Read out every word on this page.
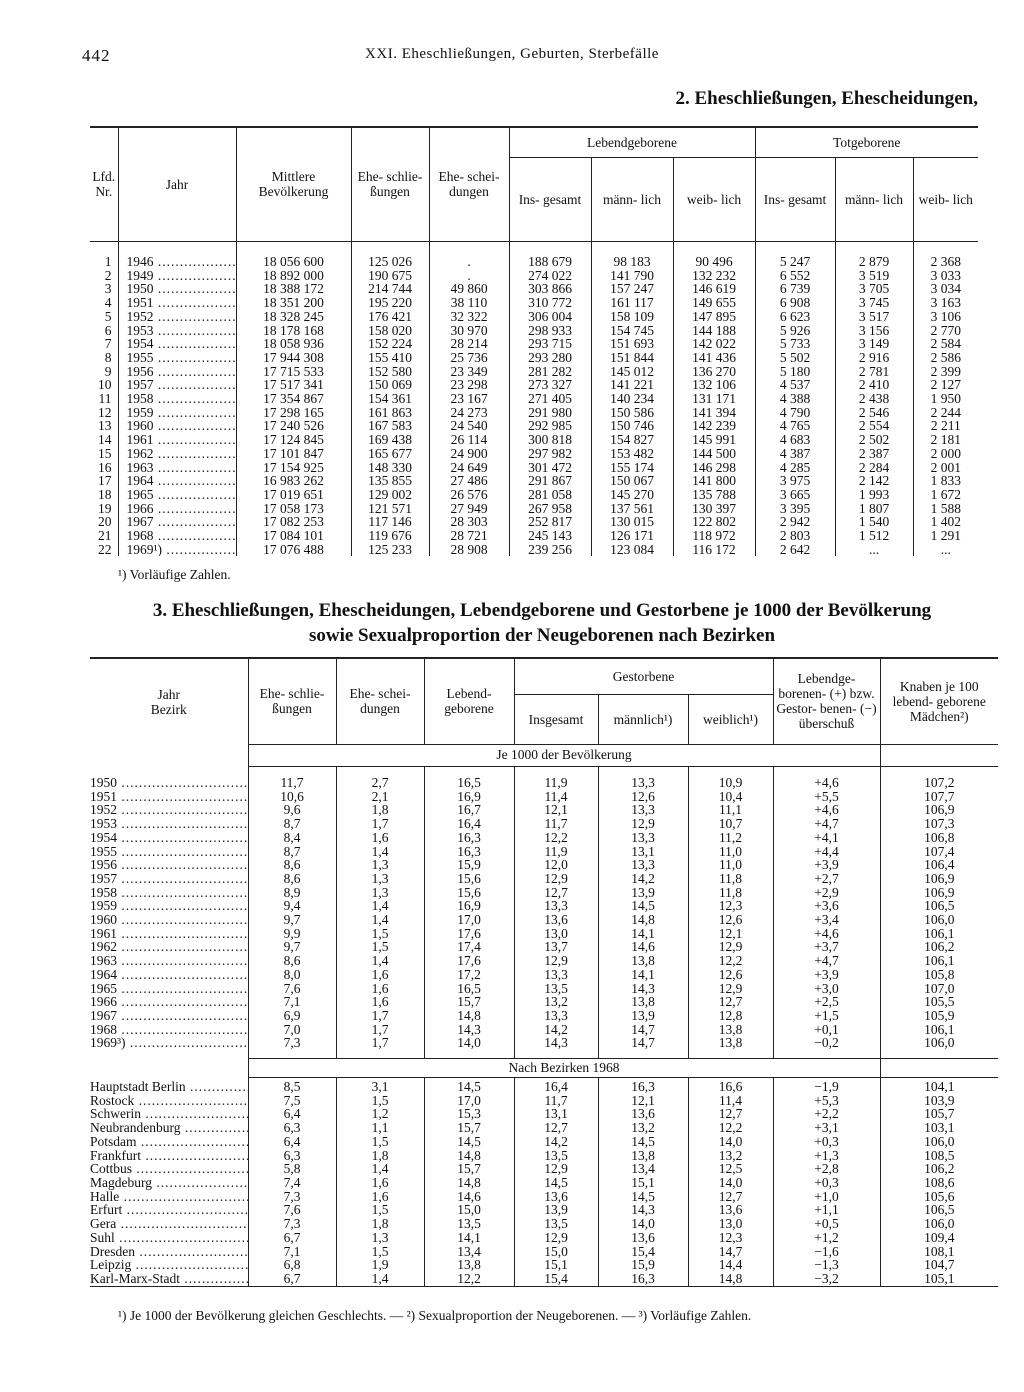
442	XXI. Eheschließungen, Geburten, Sterbefälle
2. Eheschließungen, Ehescheidungen,
Lfd. Nr.	Jahr	Mittlere Bevölkerung	Ehe- schlie- ßungen	Ehe- schei- dungen	Lebendgeborene			Totgeborene		
					Ins- gesamt	männ- lich	weib- lich	Ins- gesamt	männ- lich	weib- lich

1	1946 .....	18 056 600	125 026	.	188 679	98 183	90 496	5 247	2 879	2 368
2	1949 .....	18 892 000	190 675	.	274 022	141 790	132 232	6 552	3 519	3 033
3	1950 .....	18 388 172	214 744	49 860	303 866	157 247	146 619	6 739	3 705	3 034
4	1951 .....	18 351 200	195 220	38 110	310 772	161 117	149 655	6 908	3 745	3 163
5	1952 .....	18 328 245	176 421	32 322	306 004	158 109	147 895	6 623	3 517	3 106
6	1953 .....	18 178 168	158 020	30 970	298 933	154 745	144 188	5 926	3 156	2 770
7	1954 .....	18 058 936	152 224	28 214	293 715	151 693	142 022	5 733	3 149	2 584
8	1955 .....	17 944 308	155 410	25 736	293 280	151 844	141 436	5 502	2 916	2 586
9	1956 .....	17 715 533	152 580	23 349	281 282	145 012	136 270	5 180	2 781	2 399
10	1957 .....	17 517 341	150 069	23 298	273 327	141 221	132 106	4 537	2 410	2 127
11	1958 .....	17 354 867	154 361	23 167	271 405	140 234	131 171	4 388	2 438	1 950
12	1959 .....	17 298 165	161 863	24 273	291 980	150 586	141 394	4 790	2 546	2 244
13	1960 .....	17 240 526	167 583	24 540	292 985	150 746	142 239	4 765	2 554	2 211
14	1961 .....	17 124 845	169 438	26 114	300 818	154 827	145 991	4 683	2 502	2 181
15	1962 .....	17 101 847	165 677	24 900	297 982	153 482	144 500	4 387	2 387	2 000
16	1963 .....	17 154 925	148 330	24 649	301 472	155 174	146 298	4 285	2 284	2 001
17	1964 .....	16 983 262	135 855	27 486	291 867	150 067	141 800	3 975	2 142	1 833
18	1965 .....	17 019 651	129 002	26 576	281 058	145 270	135 788	3 665	1 993	1 672
19	1966 .....	17 058 173	121 571	27 949	267 958	137 561	130 397	3 395	1 807	1 588
20	1967 .....	17 082 253	117 146	28 303	252 817	130 015	122 802	2 942	1 540	1 402
21	1968 .....	17 084 101	119 676	28 721	245 143	126 171	118 972	2 803	1 512	1 291
22	1969¹) .....	17 076 488	125 233	28 908	239 256	123 084	116 172	2 642	...	...
¹) Vorläufige Zahlen.
3. Eheschließungen, Ehescheidungen, Lebendgeborene und Gestorbene je 1000 der Bevölkerung
sowie Sexualproportion der Neugeborenen nach Bezirken
Jahr Bezirk	Ehe- schlie- ßungen	Ehe- schei- dungen	Lebend- geborene	Gestorbene			Lebendge- borenen- (+) bzw. Gestor- benen- (−) überschuß	Knaben je 100 lebend- geborene Mädchen²)
				Insgesamt	männlich¹)	weiblich¹)		
	Je 1000 der Bevölkerung							

1950 .....	11,7	2,7	16,5	11,9	13,3	10,9	+4,6	107,2
1951 .....	10,6	2,1	16,9	11,4	12,6	10,4	+5,5	107,7
1952 .....	9,6	1,8	16,7	12,1	13,3	11,1	+4,6	106,9
1953 .....	8,7	1,7	16,4	11,7	12,9	10,7	+4,7	107,3
1954 .....	8,4	1,6	16,3	12,2	13,3	11,2	+4,1	106,8
1955 .....	8,7	1,4	16,3	11,9	13,1	11,0	+4,4	107,4
1956 .....	8,6	1,3	15,9	12,0	13,3	11,0	+3,9	106,4
1957 .....	8,6	1,3	15,6	12,9	14,2	11,8	+2,7	106,9
1958 .....	8,9	1,3	15,6	12,7	13,9	11,8	+2,9	106,9
1959 .....	9,4	1,4	16,9	13,3	14,5	12,3	+3,6	106,5
1960 .....	9,7	1,4	17,0	13,6	14,8	12,6	+3,4	106,0
1961 .....	9,9	1,5	17,6	13,0	14,1	12,1	+4,6	106,1
1962 .....	9,7	1,5	17,4	13,7	14,6	12,9	+3,7	106,2
1963 .....	8,6	1,4	17,6	12,9	13,8	12,2	+4,7	106,1
1964 .....	8,0	1,6	17,2	13,3	14,1	12,6	+3,9	105,8
1965 .....	7,6	1,6	16,5	13,5	14,3	12,9	+3,0	107,0
1966 .....	7,1	1,6	15,7	13,2	13,8	12,7	+2,5	105,5
1967 .....	6,9	1,7	14,8	13,3	13,9	12,8	+1,5	105,9
1968 .....	7,0	1,7	14,3	14,2	14,7	13,8	+0,1	106,1
1969³) .....	7,3	1,7	14,0	14,3	14,7	13,8	−0,2	106,0

	Nach Bezirken 1968							

Hauptstadt Berlin .....	8,5	3,1	14,5	16,4	16,3	16,6	−1,9	104,1
Rostock .....	7,5	1,5	17,0	11,7	12,1	11,4	+5,3	103,9
Schwerin .....	6,4	1,2	15,3	13,1	13,6	12,7	+2,2	105,7
Neubrandenburg .....	6,3	1,1	15,7	12,7	13,2	12,2	+3,1	103,1
Potsdam .....	6,4	1,5	14,5	14,2	14,5	14,0	+0,3	106,0
Frankfurt .....	6,3	1,8	14,8	13,5	13,8	13,2	+1,3	108,5
Cottbus .....	5,8	1,4	15,7	12,9	13,4	12,5	+2,8	106,2
Magdeburg .....	7,4	1,6	14,8	14,5	15,1	14,0	+0,3	108,6
Halle .....	7,3	1,6	14,6	13,6	14,5	12,7	+1,0	105,6
Erfurt .....	7,6	1,5	15,0	13,9	14,3	13,6	+1,1	106,5
Gera .....	7,3	1,8	13,5	13,5	14,0	13,0	+0,5	106,0
Suhl .....	6,7	1,3	14,1	12,9	13,6	12,3	+1,2	109,4
Dresden .....	7,1	1,5	13,4	15,0	15,4	14,7	−1,6	108,1
Leipzig .....	6,8	1,9	13,8	15,1	15,9	14,4	−1,3	104,7
Karl-Marx-Stadt .....	6,7	1,4	12,2	15,4	16,3	14,8	−3,2	105,1
¹) Je 1000 der Bevölkerung gleichen Geschlechts. — ²) Sexualproportion der Neugeborenen. — ³) Vorläufige Zahlen.
